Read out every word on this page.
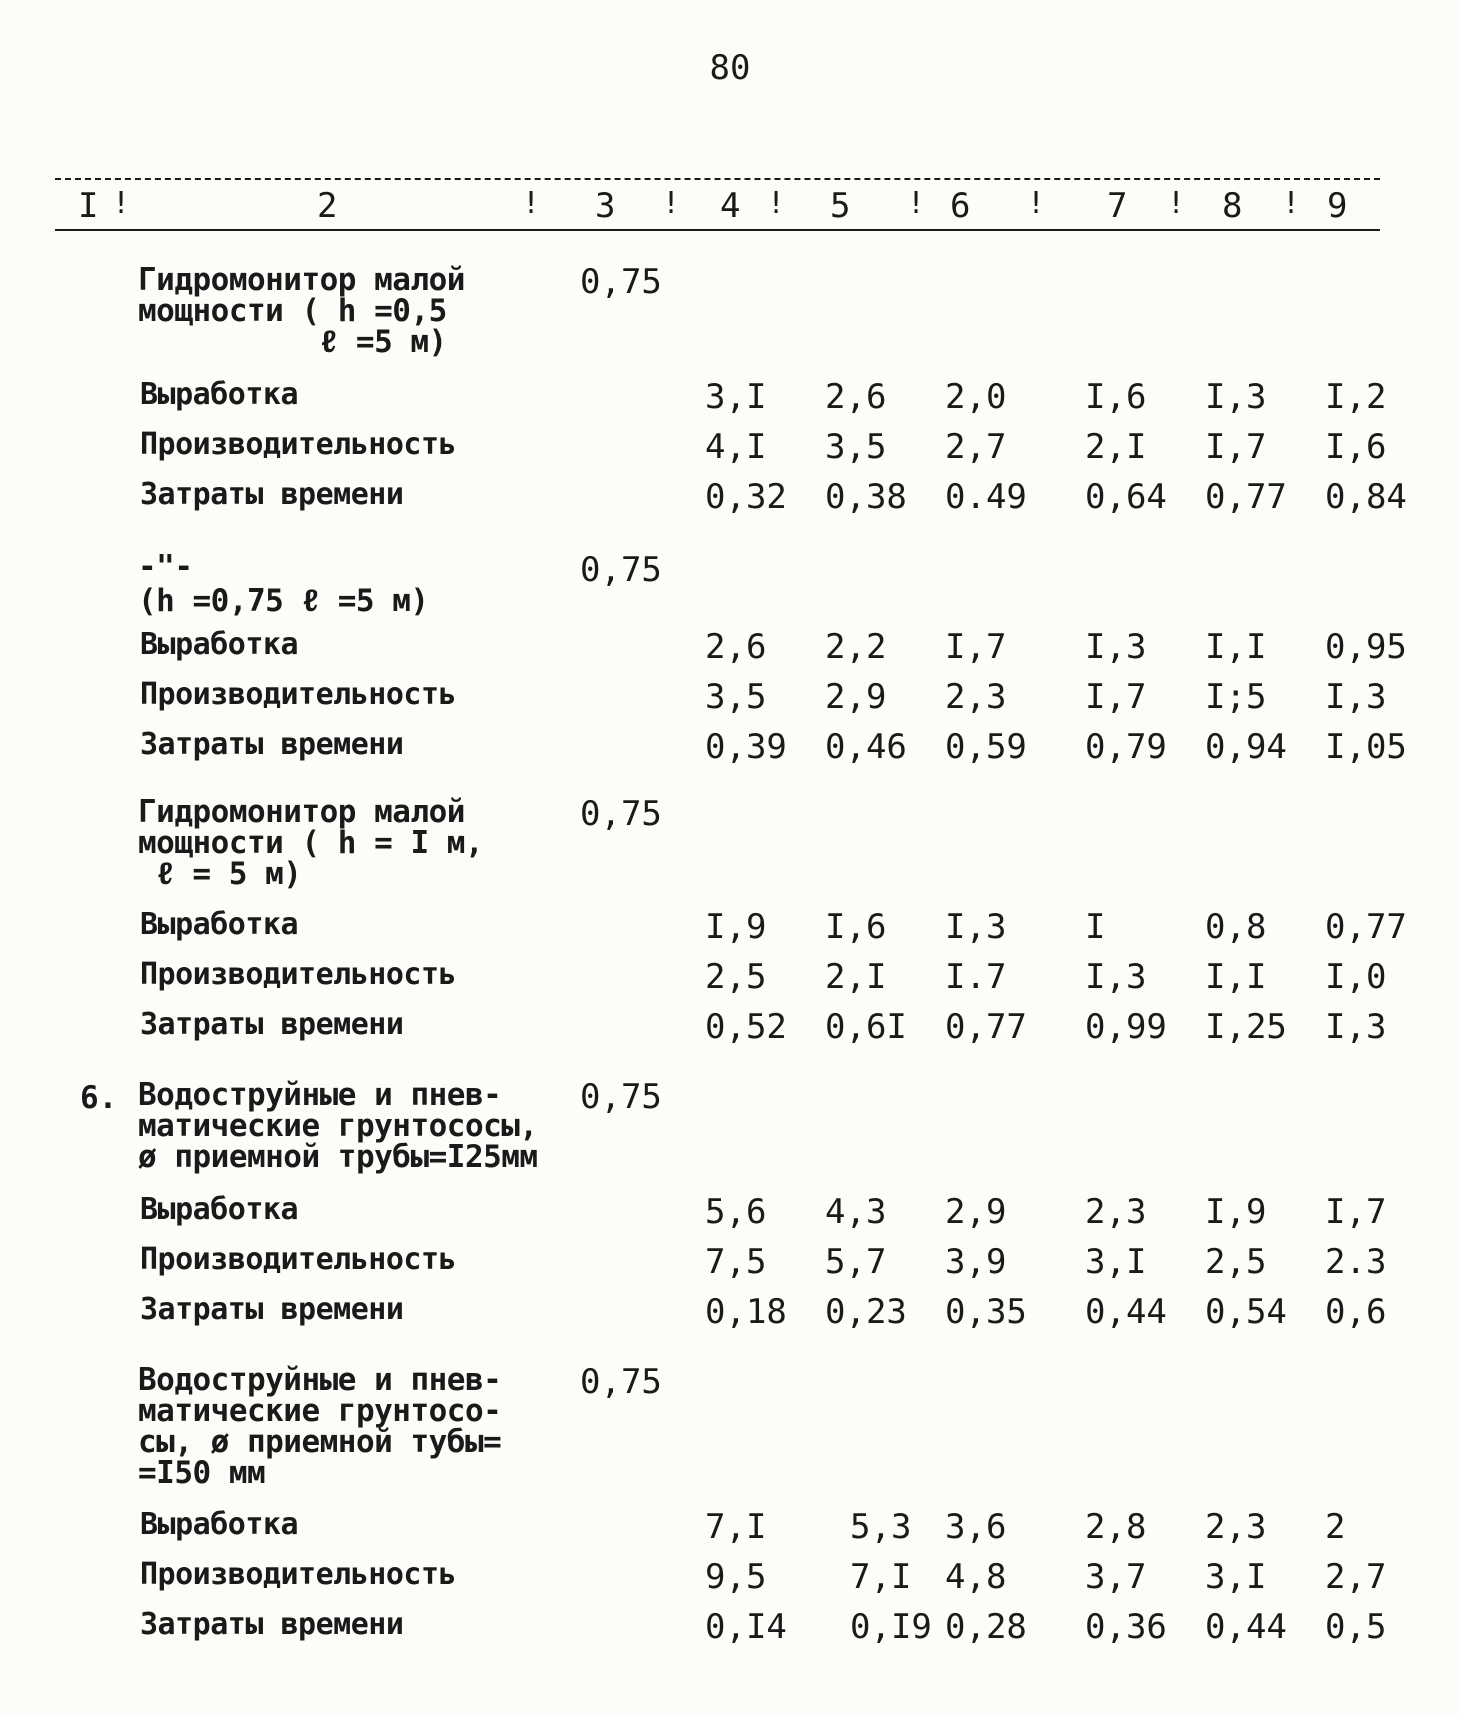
80
I !	2	! 3 ! 4 ! 5 ! 6 ! 7 ! 8 ! 9
Гидромонитор малой
мощности ( h =0,5
ℓ =5 м)
0,75
Выработка	3,I 2,6 2,0 I,6 I,3 I,2
Производительность	4,I 3,5 2,7 2,I I,7 I,6
Затраты времени	0,32 0,38 0.49 0,64 0,77 0,84
-"-
(h =0,75 ℓ =5 м)
0,75
Выработка	2,6 2,2 I,7 I,3 I,I 0,95
Производительность	3,5 2,9 2,3 I,7 I;5 I,3
Затраты времени	0,39 0,46 0,59 0,79 0,94 I,05
Гидромонитор малой
мощности ( h = I м,
ℓ = 5 м)
0,75
Выработка	I,9 I,6 I,3 I	0,8 0,77
Производительность	2,5 2,I I.7 I,3 I,I I,0
Затраты времени	0,52 0,6I 0,77 0,99 I,25 I,3
6. Водоструйные и пнев-
матические грунтососы,
ø приемной трубы=I25мм
0,75
Выработка	5,6 4,3 2,9 2,3 I,9 I,7
Производительность	7,5 5,7 3,9 3,I 2,5 2.3
Затраты времени	0,18 0,23 0,35 0,44 0,54 0,6
Водоструйные и пнев-
матические грунтосо-
сы, ø приемной тубы=
=I50 мм
0,75
Выработка	7,I 5,3 3,6 2,8 2,3 2
Производительность	9,5 7,I 4,8 3,7 3,I 2,7
Затраты времени	0,I4 0,I9 0,28 0,36 0,44 0,5
